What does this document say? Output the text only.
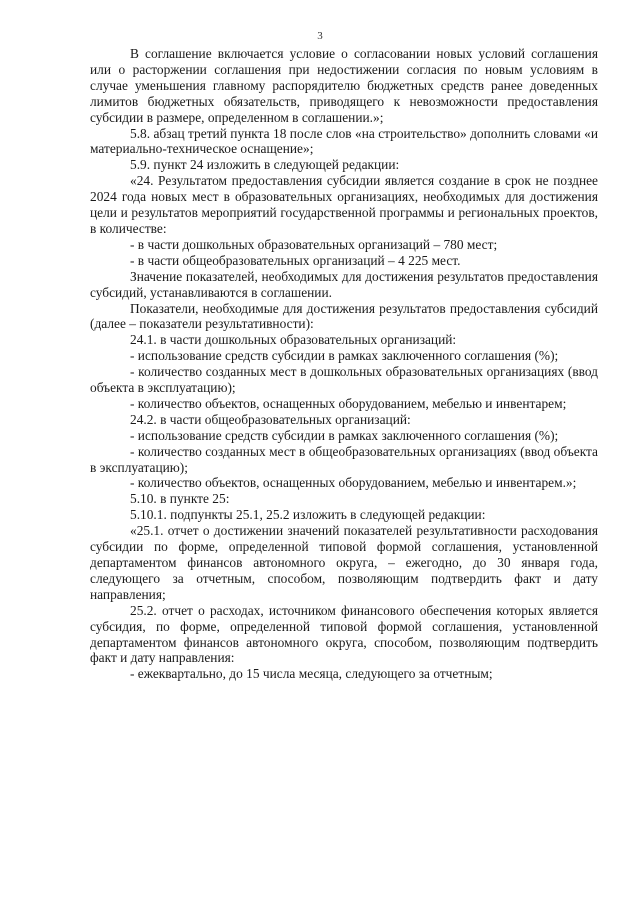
3

В соглашение включается условие о согласовании новых условий соглашения или о расторжении соглашения при недостижении согласия по новым условиям в случае уменьшения главному распорядителю бюджетных средств ранее доведенных лимитов бюджетных обязательств, приводящего к невозможности предоставления субсидии в размере, определенном в соглашении.»;

5.8. абзац третий пункта 18 после слов «на строительство» дополнить словами «и материально-техническое оснащение»;

5.9. пункт 24 изложить в следующей редакции:

«24. Результатом предоставления субсидии является создание в срок не позднее 2024 года новых мест в образовательных организациях, необходимых для достижения цели и результатов мероприятий государственной программы и региональных проектов, в количестве:

- в части дошкольных образовательных организаций – 780 мест;

- в части общеобразовательных организаций – 4 225 мест.

Значение показателей, необходимых для достижения результатов предоставления субсидий, устанавливаются в соглашении.

Показатели, необходимые для достижения результатов предоставления субсидий (далее – показатели результативности):

24.1. в части дошкольных образовательных организаций:

- использование средств субсидии в рамках заключенного соглашения (%);

- количество созданных мест в дошкольных образовательных организациях (ввод объекта в эксплуатацию);

- количество объектов, оснащенных оборудованием, мебелью и инвентарем;

24.2. в части общеобразовательных организаций:

- использование средств субсидии в рамках заключенного соглашения (%);

- количество созданных мест в общеобразовательных организациях (ввод объекта в эксплуатацию);

- количество объектов, оснащенных оборудованием, мебелью и инвентарем.»;

5.10. в пункте 25:

5.10.1. подпункты 25.1, 25.2 изложить в следующей редакции:

«25.1. отчет о достижении значений показателей результативности расходования субсидии по форме, определенной типовой формой соглашения, установленной департаментом финансов автономного округа, – ежегодно, до 30 января года, следующего за отчетным, способом, позволяющим подтвердить факт и дату направления;

25.2. отчет о расходах, источником финансового обеспечения которых является субсидия, по форме, определенной типовой формой соглашения, установленной департаментом финансов автономного округа, способом, позволяющим подтвердить факт и дату направления:

- ежеквартально, до 15 числа месяца, следующего за отчетным;
